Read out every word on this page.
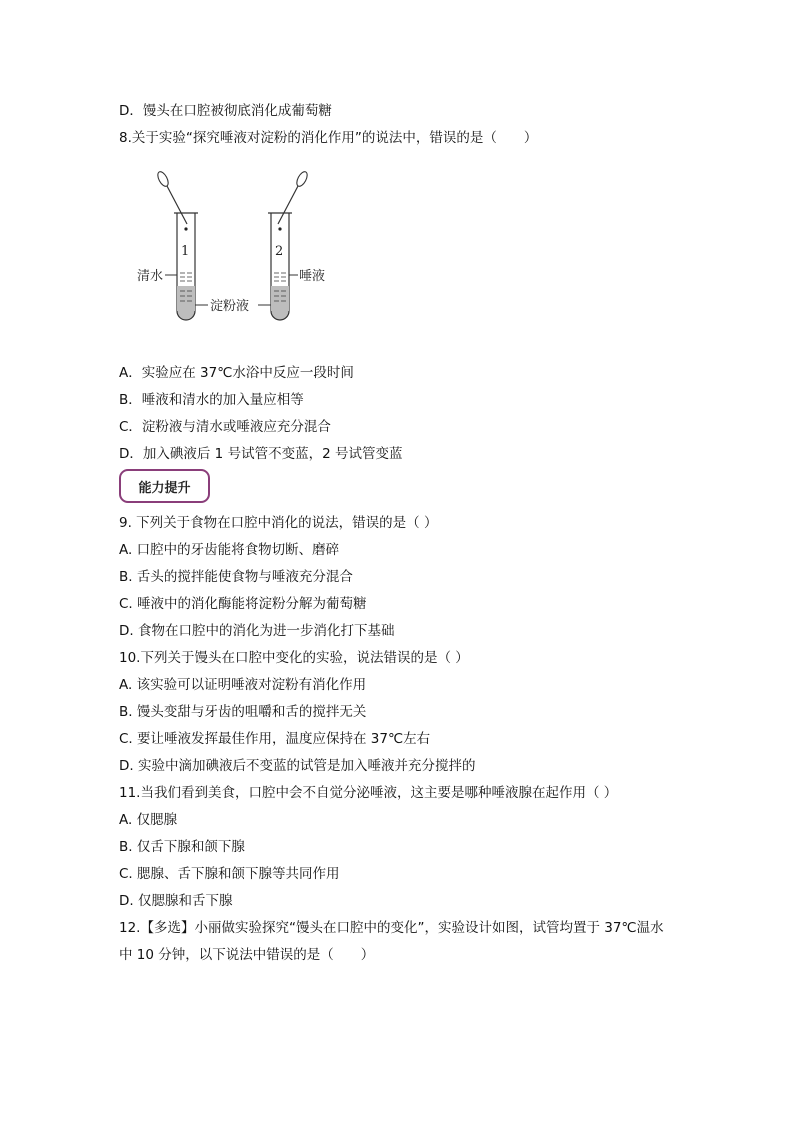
D．馒头在口腔被彻底消化成葡萄糖
8.关于实验“探究唾液对淀粉的消化作用”的说法中，错误的是（　　）
1	2
清水	唾液
淀粉液
A．实验应在 37℃水浴中反应一段时间
B．唾液和清水的加入量应相等
C．淀粉液与清水或唾液应充分混合
D．加入碘液后 1 号试管不变蓝，2 号试管变蓝
能力提升
9. 下列关于食物在口腔中消化的说法，错误的是（ ）
A. 口腔中的牙齿能将食物切断、磨碎
B. 舌头的搅拌能使食物与唾液充分混合
C. 唾液中的消化酶能将淀粉分解为葡萄糖
D. 食物在口腔中的消化为进一步消化打下基础
10.下列关于馒头在口腔中变化的实验，说法错误的是（ ）
A. 该实验可以证明唾液对淀粉有消化作用
B. 馒头变甜与牙齿的咀嚼和舌的搅拌无关
C. 要让唾液发挥最佳作用，温度应保持在 37℃左右
D. 实验中滴加碘液后不变蓝的试管是加入唾液并充分搅拌的
11.当我们看到美食，口腔中会不自觉分泌唾液，这主要是哪种唾液腺在起作用（ ）
A. 仅腮腺
B. 仅舌下腺和颌下腺
C. 腮腺、舌下腺和颌下腺等共同作用
D. 仅腮腺和舌下腺
12.【多选】小丽做实验探究“馒头在口腔中的变化”，实验设计如图，试管均置于 37℃温水
中 10 分钟，以下说法中错误的是（　　）
